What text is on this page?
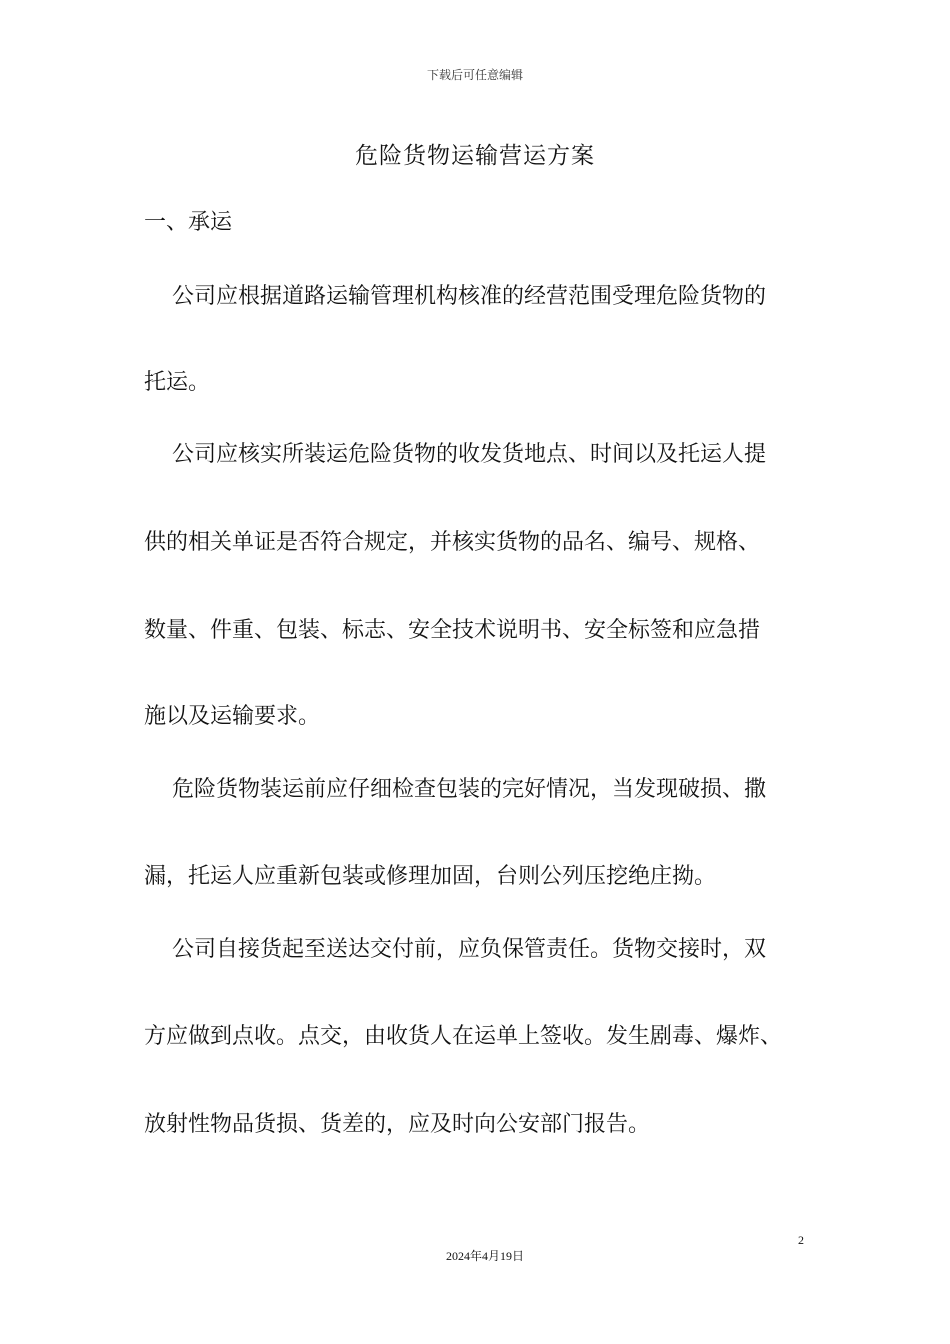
下载后可任意编辑
危险货物运输营运方案
一、承运
公司应根据道路运输管理机构核准的经营范围受理危险货物的
托运。
公司应核实所装运危险货物的收发货地点、时间以及托运人提
供的相关单证是否符合规定，并核实货物的品名、编号、规格、
数量、件重、包装、标志、安全技术说明书、安全标签和应急措
施以及运输要求。
危险货物装运前应仔细检查包装的完好情况，当发现破损、撒
漏，托运人应重新包装或修理加固，台则公列压挖绝庄拗。
公司自接货起至送达交付前，应负保管责任。货物交接时，双
方应做到点收。点交，由收货人在运单上签收。发生剧毒、爆炸、
放射性物品货损、货差的，应及时向公安部门报告。
2
2024年4月19日
